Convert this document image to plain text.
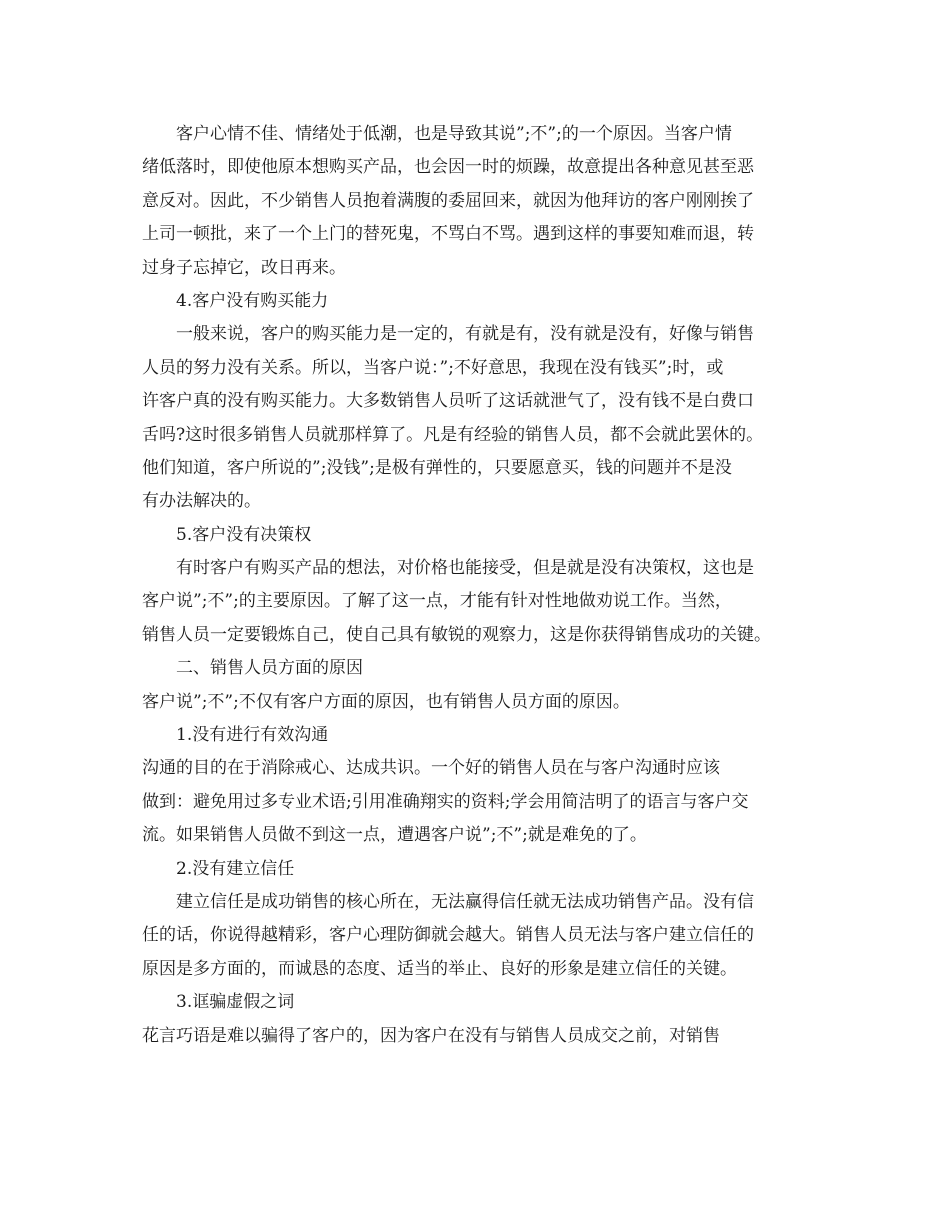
客户心情不佳、情绪处于低潮，也是导致其说”;不”;的一个原因。当客户情
绪低落时，即使他原本想购买产品，也会因一时的烦躁，故意提出各种意见甚至恶
意反对。因此，不少销售人员抱着满腹的委屈回来，就因为他拜访的客户刚刚挨了
上司一顿批，来了一个上门的替死鬼，不骂白不骂。遇到这样的事要知难而退，转
过身子忘掉它，改日再来。
4.客户没有购买能力
一般来说，客户的购买能力是一定的，有就是有，没有就是没有，好像与销售
人员的努力没有关系。所以，当客户说：”;不好意思，我现在没有钱买”;时，或
许客户真的没有购买能力。大多数销售人员听了这话就泄气了，没有钱不是白费口
舌吗?这时很多销售人员就那样算了。凡是有经验的销售人员，都不会就此罢休的。
他们知道，客户所说的”;没钱”;是极有弹性的，只要愿意买，钱的问题并不是没
有办法解决的。
5.客户没有决策权
有时客户有购买产品的想法，对价格也能接受，但是就是没有决策权，这也是
客户说”;不”;的主要原因。了解了这一点，才能有针对性地做劝说工作。当然，
销售人员一定要锻炼自己，使自己具有敏锐的观察力，这是你获得销售成功的关键。
二、销售人员方面的原因
客户说”;不”;不仅有客户方面的原因，也有销售人员方面的原因。
1.没有进行有效沟通
沟通的目的在于消除戒心、达成共识。一个好的销售人员在与客户沟通时应该
做到：避免用过多专业术语;引用准确翔实的资料;学会用简洁明了的语言与客户交
流。如果销售人员做不到这一点，遭遇客户说”;不”;就是难免的了。
2.没有建立信任
建立信任是成功销售的核心所在，无法赢得信任就无法成功销售产品。没有信
任的话，你说得越精彩，客户心理防御就会越大。销售人员无法与客户建立信任的
原因是多方面的，而诚恳的态度、适当的举止、良好的形象是建立信任的关键。
3.诓骗虚假之词
花言巧语是难以骗得了客户的，因为客户在没有与销售人员成交之前，对销售
